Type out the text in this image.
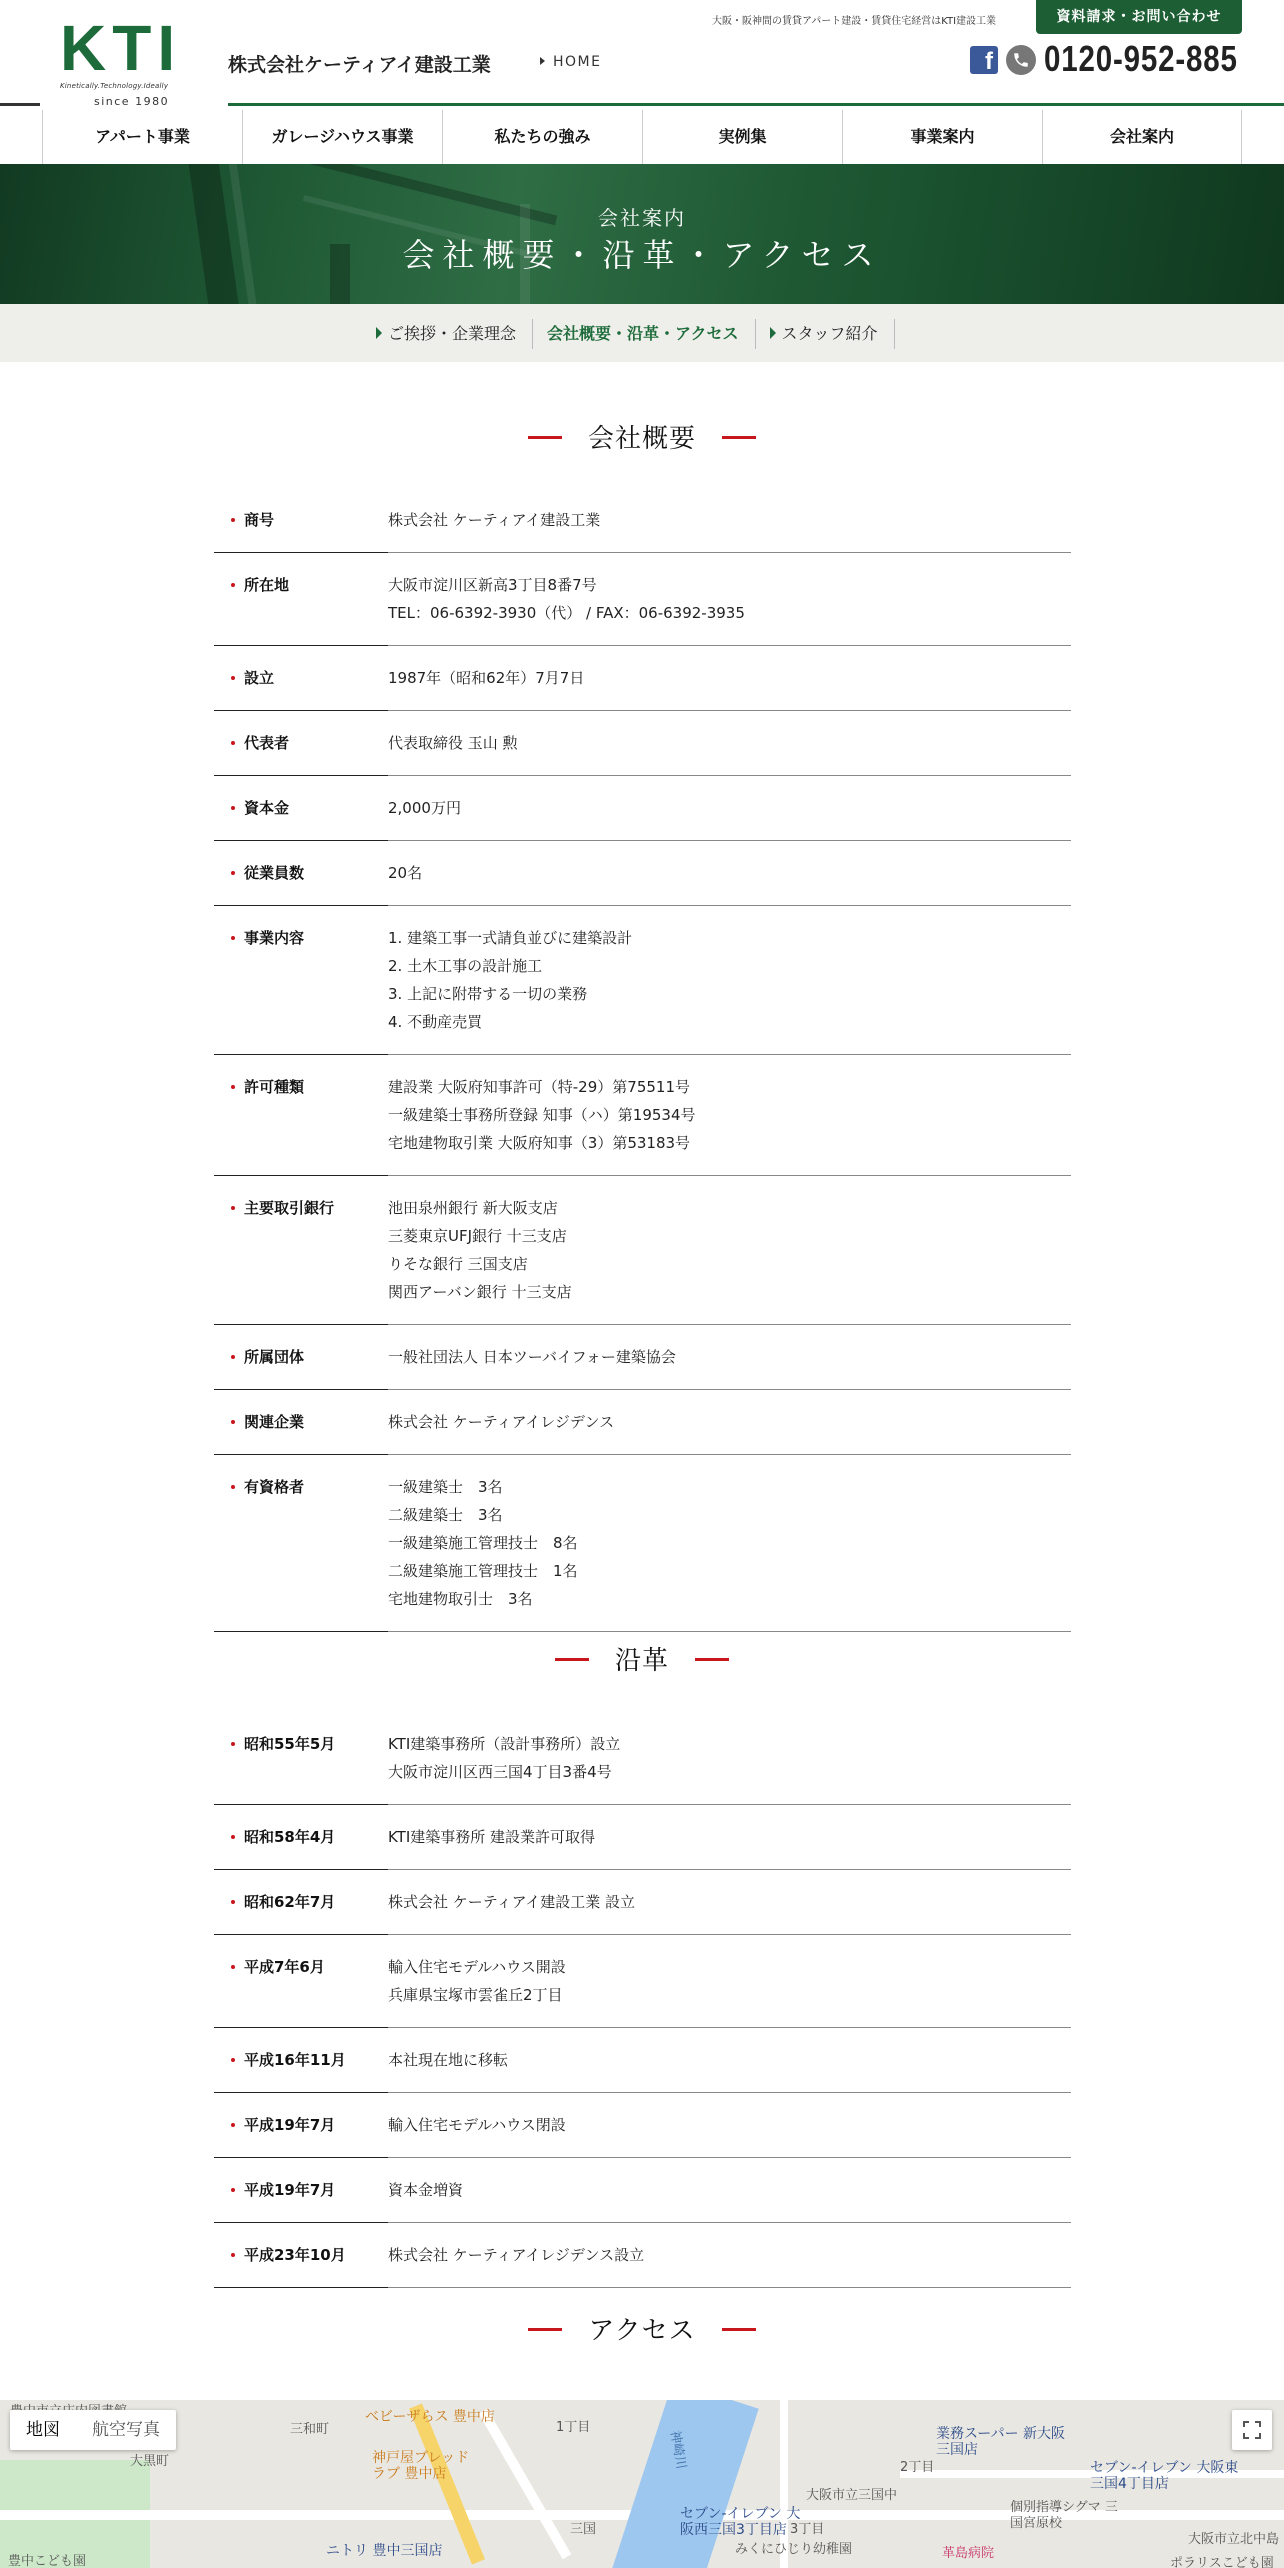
KTI
Kinetically.Technology.Ideally
since 1980
株式会社ケーティアイ建設工業	HOME
大阪・阪神間の賃貸アパート建設・賃貸住宅経営はKTI建設工業	資料請求・お問い合わせ
f 0120-952-885
アパート事業	ガレージハウス事業	私たちの強み	実例集	事業案内	会社案内
会社案内
会社概要・沿革・アクセス
ご挨拶・企業理念	会社概要・沿革・アクセス	スタッフ紹介
会社概要
商号	株式会社 ケーティアイ建設工業
所在地	大阪市淀川区新高3丁目8番7号
TEL：06-6392-3930（代） / FAX：06-6392-3935
設立	1987年（昭和62年）7月7日
代表者	代表取締役 玉山 勲
資本金	2,000万円
従業員数	20名
事業内容	1. 建築工事一式請負並びに建築設計
2. 土木工事の設計施工
3. 上記に附帯する一切の業務
4. 不動産売買
許可種類	建設業 大阪府知事許可（特-29）第75511号
一級建築士事務所登録 知事（ハ）第19534号
宅地建物取引業 大阪府知事（3）第53183号
主要取引銀行	池田泉州銀行 新大阪支店
三菱東京UFJ銀行 十三支店
りそな銀行 三国支店
関西アーバン銀行 十三支店
所属団体	一般社団法人 日本ツーバイフォー建築協会
関連企業	株式会社 ケーティアイレジデンス
有資格者	一級建築士　3名
二級建築士　3名
一級建築施工管理技士　8名
二級建築施工管理技士　1名
宅地建物取引士　3名
沿革
昭和55年5月	KTI建築事務所（設計事務所）設立
大阪市淀川区西三国4丁目3番4号
昭和58年4月	KTI建築事務所 建設業許可取得
昭和62年7月	株式会社 ケーティアイ建設工業 設立
平成7年6月	輸入住宅モデルハウス開設
兵庫県宝塚市雲雀丘2丁目
平成16年11月	本社現在地に移転
平成19年7月	輸入住宅モデルハウス閉設
平成19年7月	資本金増資
平成23年10月	株式会社 ケーティアイレジデンス設立
アクセス
大黒町
三和町
ベビーザらス 豊中店
神戸屋ブレッド ラブ 豊中店
ニトリ 豊中三国店
三国
1丁目
2丁目
3丁目
大阪市立三国中
業務スーパー 新大阪三国店
セブン-イレブン 大阪東三国4丁目店
個別指導シグマ 三国宮原校
セブン-イレブン 大阪西三国3丁目店
みくにひじり幼稚園	革島病院
大阪市立北中島
ポラリスこども園
神崎川
豊中こども園
地図	航空写真
